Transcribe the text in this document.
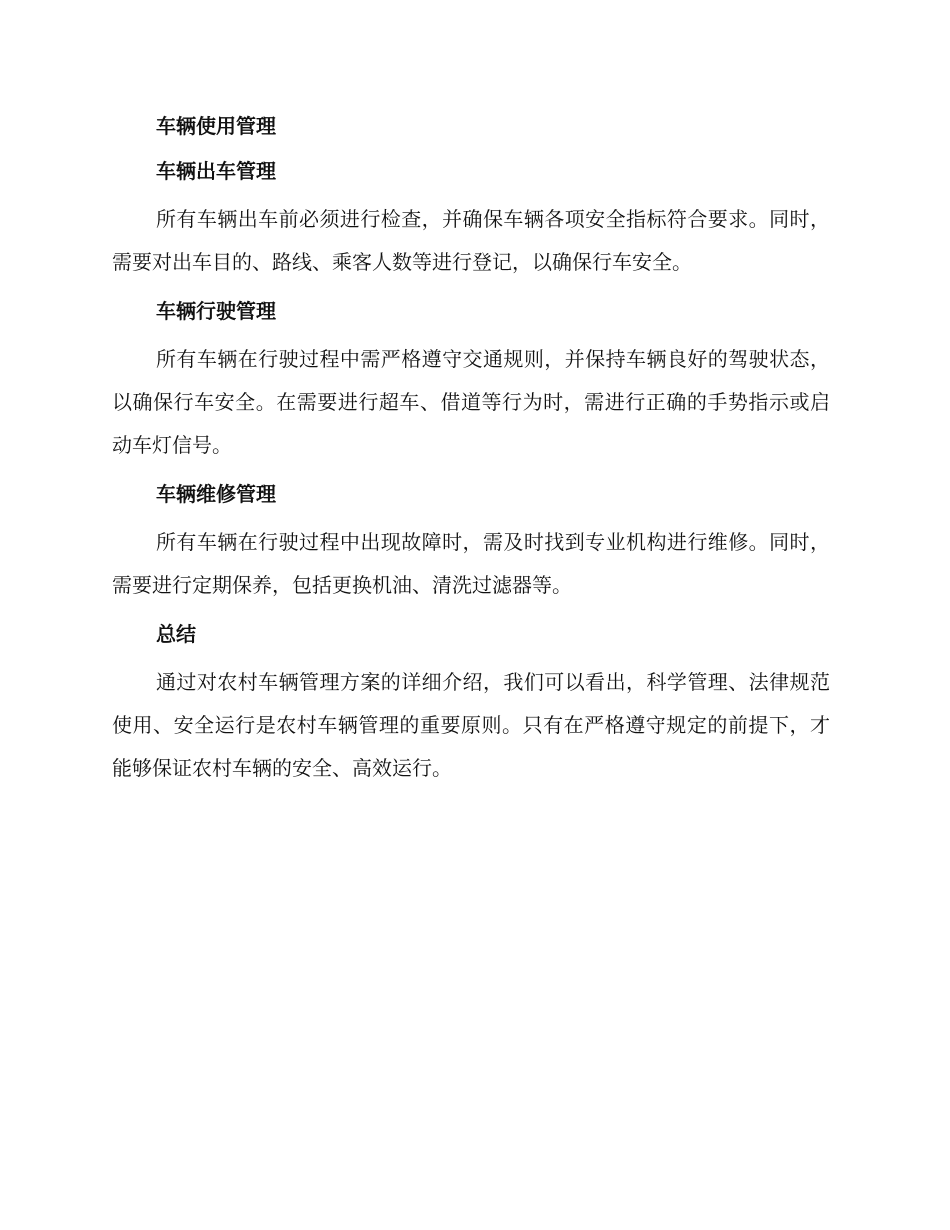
车辆使用管理
车辆出车管理

所有车辆出车前必须进行检查，并确保车辆各项安全指标符合要求。同时，需要对出车目的、路线、乘客人数等进行登记，以确保行车安全。

车辆行驶管理

所有车辆在行驶过程中需严格遵守交通规则，并保持车辆良好的驾驶状态，以确保行车安全。在需要进行超车、借道等行为时，需进行正确的手势指示或启动车灯信号。

车辆维修管理

所有车辆在行驶过程中出现故障时，需及时找到专业机构进行维修。同时，需要进行定期保养，包括更换机油、清洗过滤器等。

总结

通过对农村车辆管理方案的详细介绍，我们可以看出，科学管理、法律规范使用、安全运行是农村车辆管理的重要原则。只有在严格遵守规定的前提下，才能够保证农村车辆的安全、高效运行。
